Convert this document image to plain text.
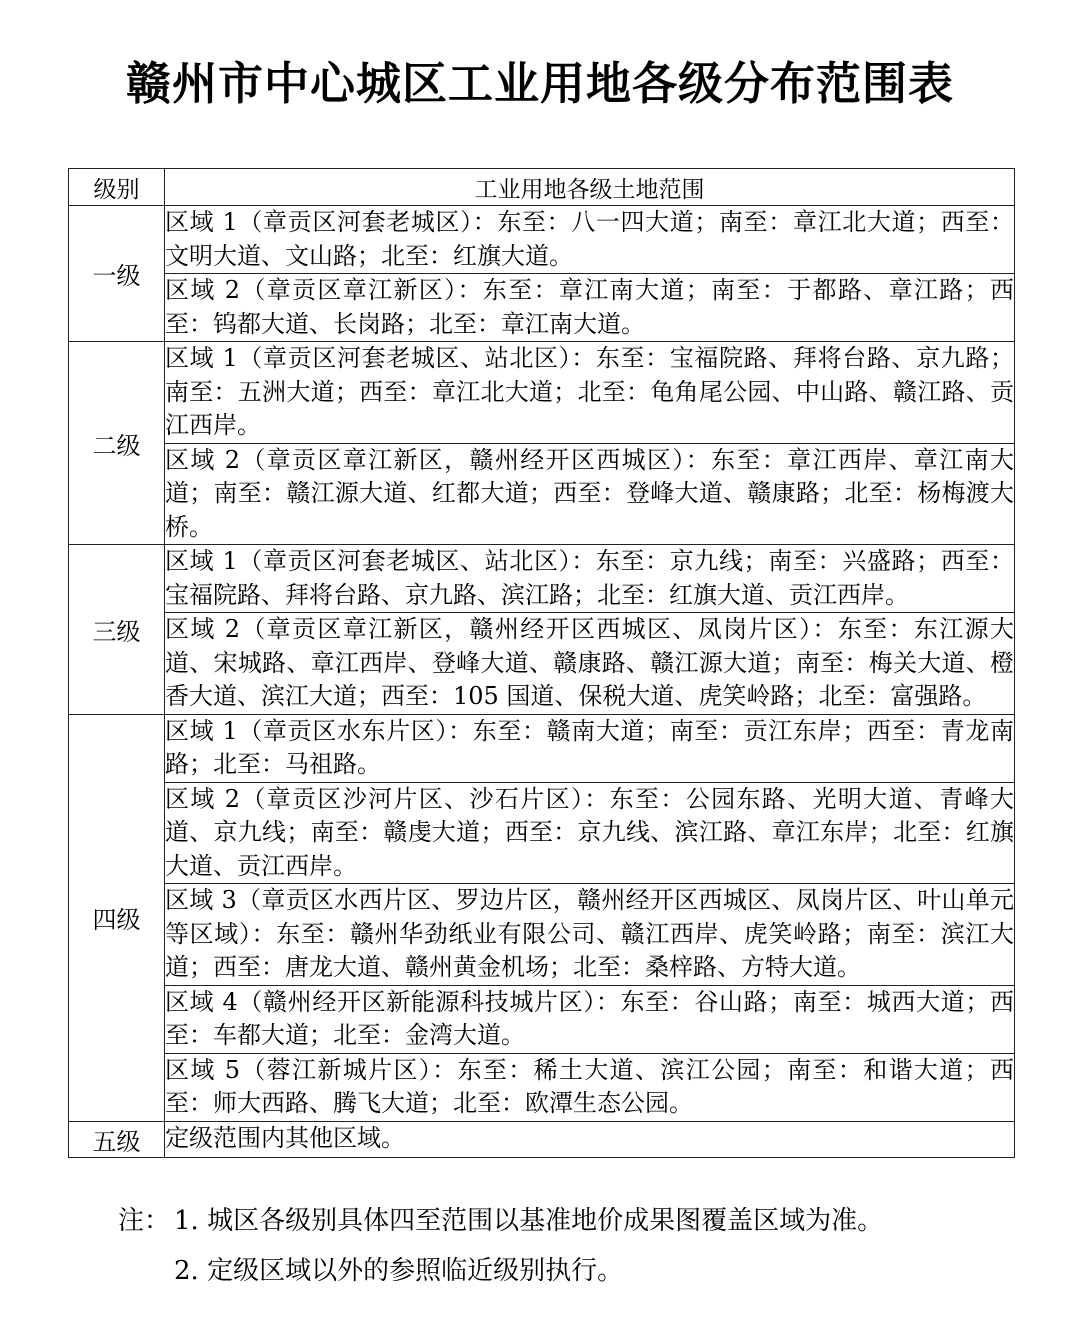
赣州市中心城区工业用地各级分布范围表
级别	工业用地各级土地范围
一级	区域 1（章贡区河套老城区）：东至：八一四大道；南至：章江北大道；西至：文明大道、文山路；北至：红旗大道。
	区域 2（章贡区章江新区）：东至：章江南大道；南至：于都路、章江路；西至：钨都大道、长岗路；北至：章江南大道。
二级	区域 1（章贡区河套老城区、站北区）：东至：宝福院路、拜将台路、京九路；南至：五洲大道；西至：章江北大道；北至：龟角尾公园、中山路、赣江路、贡江西岸。
	区域 2（章贡区章江新区，赣州经开区西城区）：东至：章江西岸、章江南大道；南至：赣江源大道、红都大道；西至：登峰大道、赣康路；北至：杨梅渡大桥。
三级	区域 1（章贡区河套老城区、站北区）：东至：京九线；南至：兴盛路；西至：宝福院路、拜将台路、京九路、滨江路；北至：红旗大道、贡江西岸。
	区域 2（章贡区章江新区，赣州经开区西城区、凤岗片区）：东至：东江源大道、宋城路、章江西岸、登峰大道、赣康路、赣江源大道；南至：梅关大道、橙香大道、滨江大道；西至：105 国道、保税大道、虎笑岭路；北至：富强路。
四级	区域 1（章贡区水东片区）：东至：赣南大道；南至：贡江东岸；西至：青龙南路；北至：马祖路。
	区域 2（章贡区沙河片区、沙石片区）：东至：公园东路、光明大道、青峰大道、京九线；南至：赣虔大道；西至：京九线、滨江路、章江东岸；北至：红旗大道、贡江西岸。
	区域 3（章贡区水西片区、罗边片区，赣州经开区西城区、凤岗片区、叶山单元等区域）：东至：赣州华劲纸业有限公司、赣江西岸、虎笑岭路；南至：滨江大道；西至：唐龙大道、赣州黄金机场；北至：桑梓路、方特大道。
	区域 4（赣州经开区新能源科技城片区）：东至：谷山路；南至：城西大道；西至：车都大道；北至：金湾大道。
	区域 5（蓉江新城片区）：东至：稀土大道、滨江公园；南至：和谐大道；西至：师大西路、腾飞大道；北至：欧潭生态公园。
五级	定级范围内其他区域。
注： 1. 城区各级别具体四至范围以基准地价成果图覆盖区域为准。
2. 定级区域以外的参照临近级别执行。
